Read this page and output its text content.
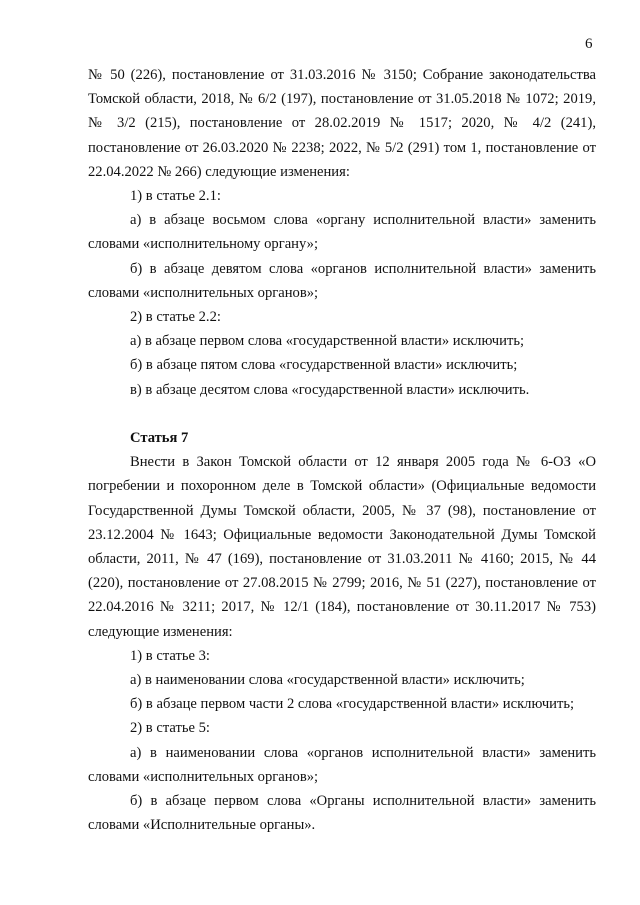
6

№ 50 (226), постановление от 31.03.2016 № 3150; Собрание законодательства Томской области, 2018, № 6/2 (197), постановление от 31.05.2018 № 1072; 2019, № 3/2 (215), постановление от 28.02.2019 № 1517; 2020, № 4/2 (241), постановление от 26.03.2020 № 2238; 2022, № 5/2 (291) том 1, постановление от 22.04.2022 № 266) следующие изменения:

1) в статье 2.1:

а) в абзаце восьмом слова «органу исполнительной власти» заменить словами «исполнительному органу»;

б) в абзаце девятом слова «органов исполнительной власти» заменить словами «исполнительных органов»;

2) в статье 2.2:

а) в абзаце первом слова «государственной власти» исключить;

б) в абзаце пятом слова «государственной власти» исключить;

в) в абзаце десятом слова «государственной власти» исключить.

Статья 7

Внести в Закон Томской области от 12 января 2005 года № 6-ОЗ «О погребении и похоронном деле в Томской области» (Официальные ведомости Государственной Думы Томской области, 2005, № 37 (98), постановление от 23.12.2004 № 1643; Официальные ведомости Законодательной Думы Томской области, 2011, № 47 (169), постановление от 31.03.2011 № 4160; 2015, № 44 (220), постановление от 27.08.2015 № 2799; 2016, № 51 (227), постановление от 22.04.2016 № 3211; 2017, № 12/1 (184), постановление от 30.11.2017 № 753) следующие изменения:

1) в статье 3:

а) в наименовании слова «государственной власти» исключить;

б) в абзаце первом части 2 слова «государственной власти» исключить;

2) в статье 5:

а) в наименовании слова «органов исполнительной власти» заменить словами «исполнительных органов»;

б) в абзаце первом слова «Органы исполнительной власти» заменить словами «Исполнительные органы».
